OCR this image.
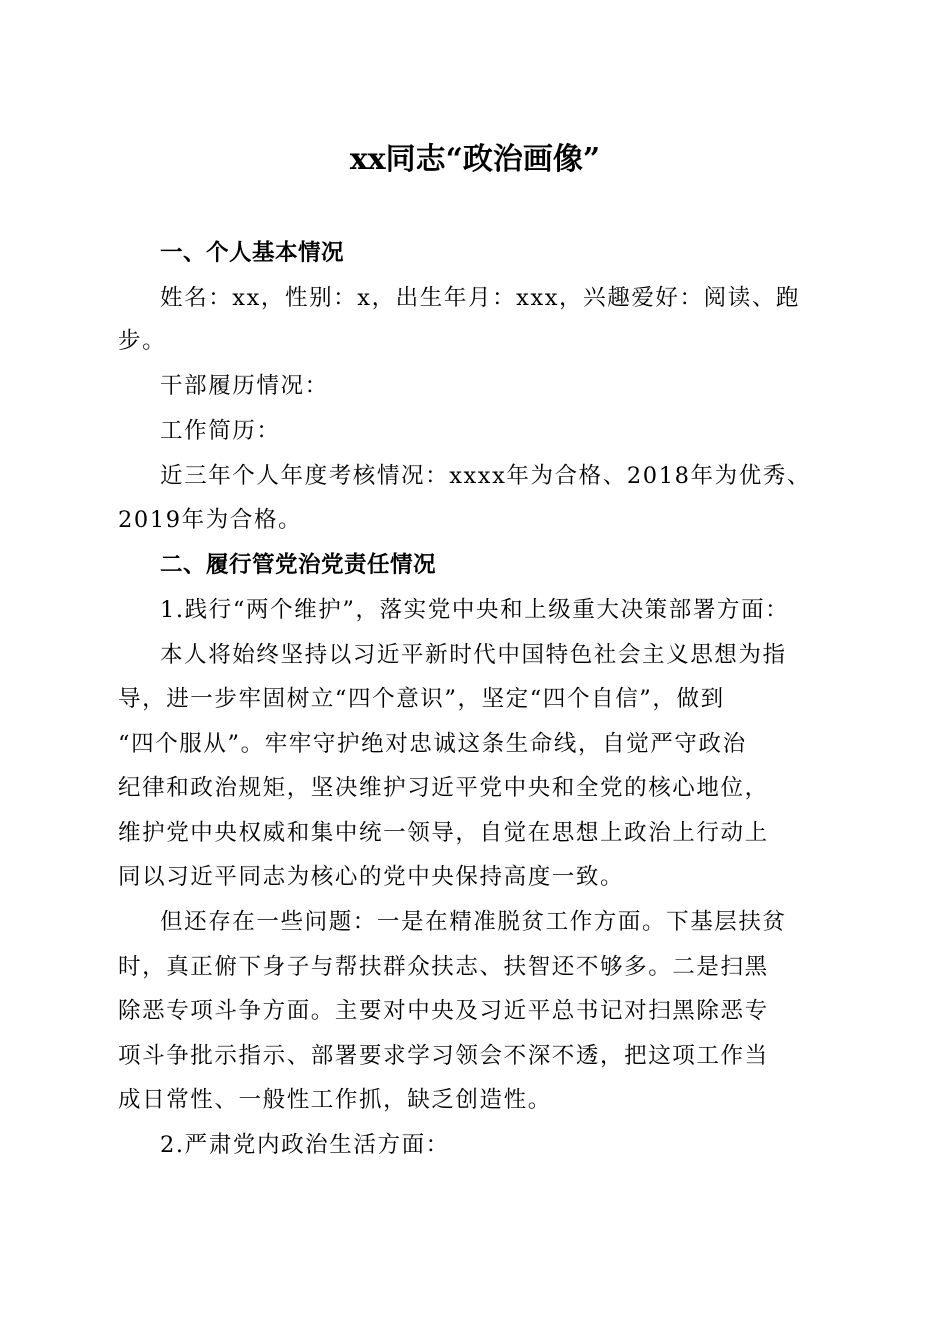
xx同志“政治画像”
一、个人基本情况
姓名：xx，性别：x，出生年月：xxx，兴趣爱好：阅读、跑
步。
干部履历情况：
工作简历：
近三年个人年度考核情况：xxxx年为合格、2018年为优秀、
2019年为合格。
二、履行管党治党责任情况
1.践行“两个维护”，落实党中央和上级重大决策部署方面：
本人将始终坚持以习近平新时代中国特色社会主义思想为指
导，进一步牢固树立“四个意识”，坚定“四个自信”，做到
“四个服从”。牢牢守护绝对忠诚这条生命线，自觉严守政治
纪律和政治规矩，坚决维护习近平党中央和全党的核心地位，
维护党中央权威和集中统一领导，自觉在思想上政治上行动上
同以习近平同志为核心的党中央保持高度一致。
但还存在一些问题：一是在精准脱贫工作方面。下基层扶贫
时，真正俯下身子与帮扶群众扶志、扶智还不够多。二是扫黑
除恶专项斗争方面。主要对中央及习近平总书记对扫黑除恶专
项斗争批示指示、部署要求学习领会不深不透，把这项工作当
成日常性、一般性工作抓，缺乏创造性。
2.严肃党内政治生活方面：
